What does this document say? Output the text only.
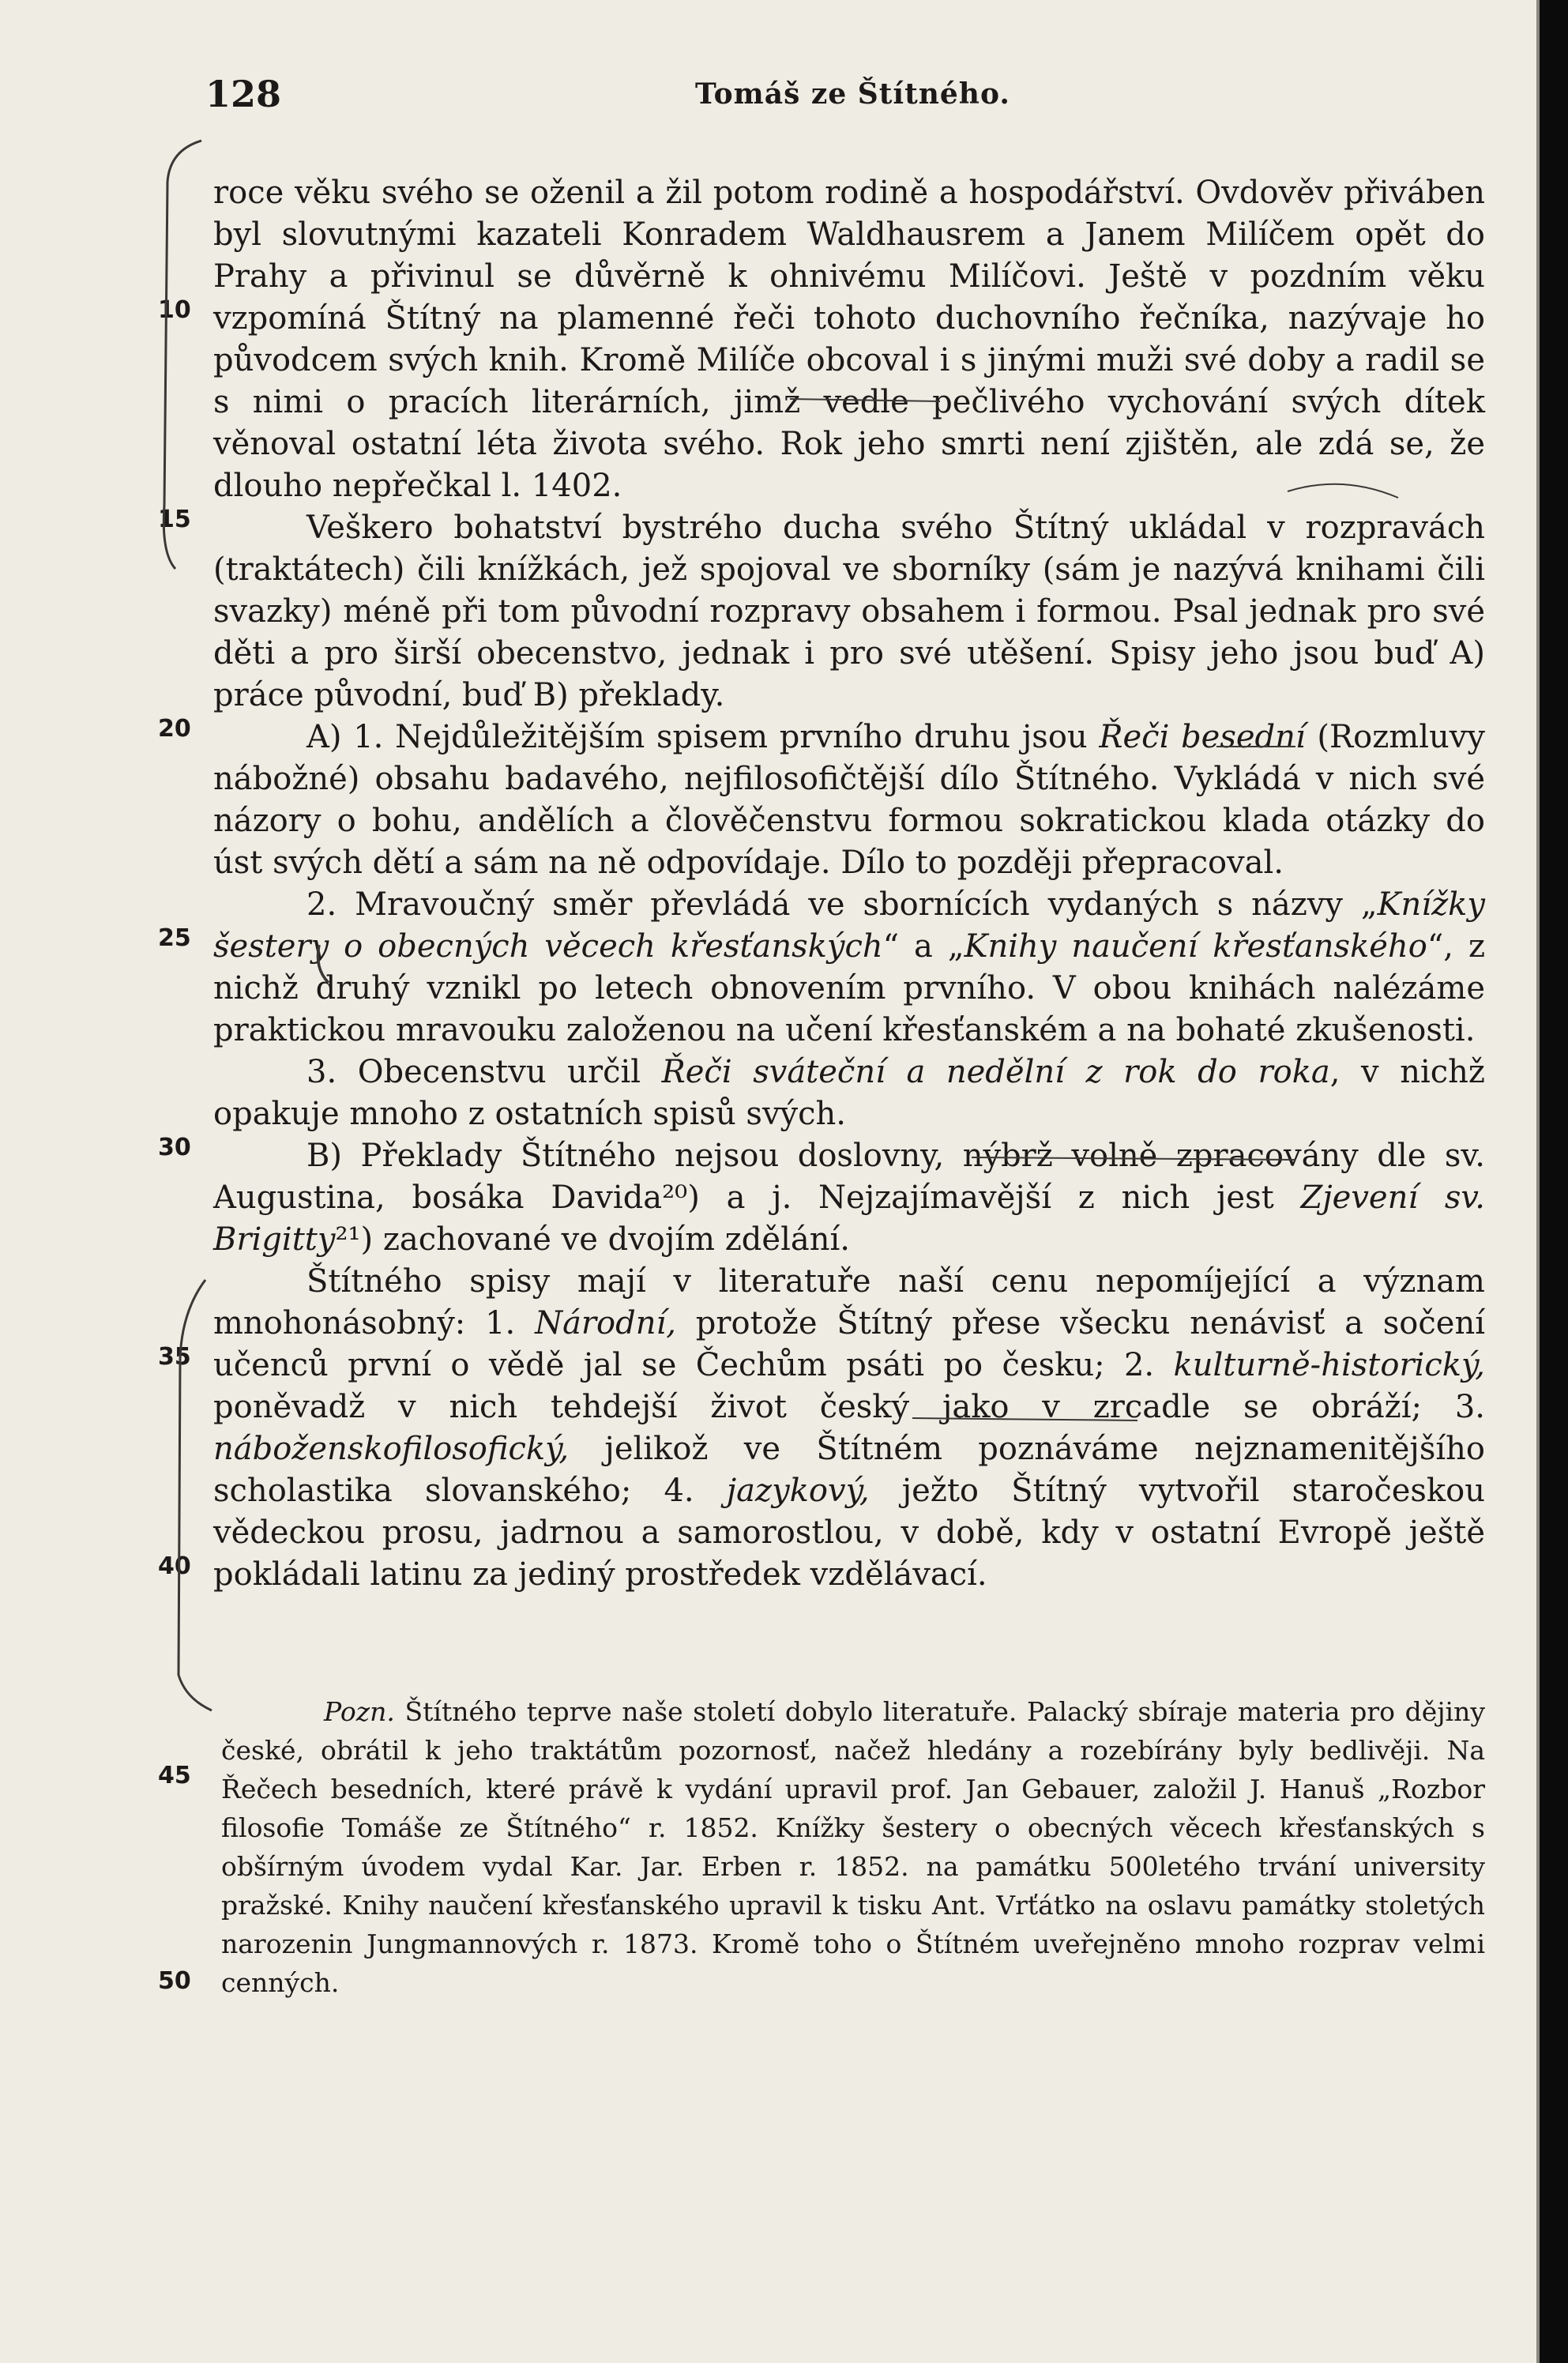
128	Tomáš ze Štítného.
10
15
20
25
30
35
40
45
50

roce věku svého se oženil a žil potom rodině a hospodářství. Ovdověv přiváben byl slovutnými kazateli Konradem Waldhausrem a Janem Milíčem opět do Prahy a přivinul se důvěrně k ohnivému Milíčovi. Ještě v pozdním věku vzpomíná Štítný na plamenné řeči tohoto duchovního řečníka, nazývaje ho původcem svých knih. Kromě Milíče obcoval i s jinými muži své doby a radil se s nimi o pracích literárních, jimž vedle pečlivého vychování svých dítek věnoval ostatní léta života svého. Rok jeho smrti není zjištěn, ale zdá se, že dlouho nepřečkal l. 1402.

Veškero bohatství bystrého ducha svého Štítný ukládal v rozpravách (traktátech) čili knížkách, jež spojoval ve sborníky (sám je nazývá knihami čili svazky) méně při tom původní rozpravy obsahem i formou. Psal jednak pro své děti a pro širší obecenstvo, jednak i pro své utěšení. Spisy jeho jsou buď A) práce původní, buď B) překlady.

A) 1. Nejdůležitějším spisem prvního druhu jsou Řeči besední (Rozmluvy nábožné) obsahu badavého, nejfilosofičtější dílo Štítného. Vykládá v nich své názory o bohu, andělích a člověčenstvu formou sokratickou klada otázky do úst svých dětí a sám na ně odpovídaje. Dílo to později přepracoval.

2. Mravoučný směr převládá ve sbornících vydaných s názvy „Knížky šestery o obecných věcech křesťanských“ a „Knihy naučení křesťanského“, z nichž druhý vznikl po letech obnovením prvního. V obou knihách nalézáme praktickou mravouku založenou na učení křesťanském a na bohaté zkušenosti.

3. Obecenstvu určil Řeči sváteční a nedělní z rok do roka, v nichž opakuje mnoho z ostatních spisů svých.

B) Překlady Štítného nejsou doslovny, nýbrž volně zpracovány dle sv. Augustina, bosáka Davida²⁰) a j. Nejzajímavější z nich jest Zjevení sv. Brigitty²¹) zachované ve dvojím zdělání.

Štítného spisy mají v literatuře naší cenu nepomíjející a význam mnohonásobný: 1. Národní, protože Štítný přese všecku nenávisť a sočení učenců první o vědě jal se Čechům psáti po česku; 2. kulturně-historický, poněvadž v nich tehdejší život český jako v zrcadle se obráží; 3. náboženskofilosofický, jelikož ve Štítném poznáváme nejznamenitějšího scholastika slovanského; 4. jazykový, ježto Štítný vytvořil staročeskou vědeckou prosu, jadrnou a samorostlou, v době, kdy v ostatní Evropě ještě pokládali latinu za jediný prostředek vzdělávací.

Pozn. Štítného teprve naše století dobylo literatuře. Palacký sbíraje materia pro dějiny české, obrátil k jeho traktátům pozornosť, načež hledány a rozebírány byly bedlivěji. Na Řečech besedních, které právě k vydání upravil prof. Jan Gebauer, založil J. Hanuš „Rozbor filosofie Tomáše ze Štítného“ r. 1852. Knížky šestery o obecných věcech křesťanských s obšírným úvodem vydal Kar. Jar. Erben r. 1852. na památku 500letého trvání university pražské. Knihy naučení křesťanského upravil k tisku Ant. Vrťátko na oslavu památky stoletých narozenin Jungmannových r. 1873. Kromě toho o Štítném uveřejněno mnoho rozprav velmi cenných.
